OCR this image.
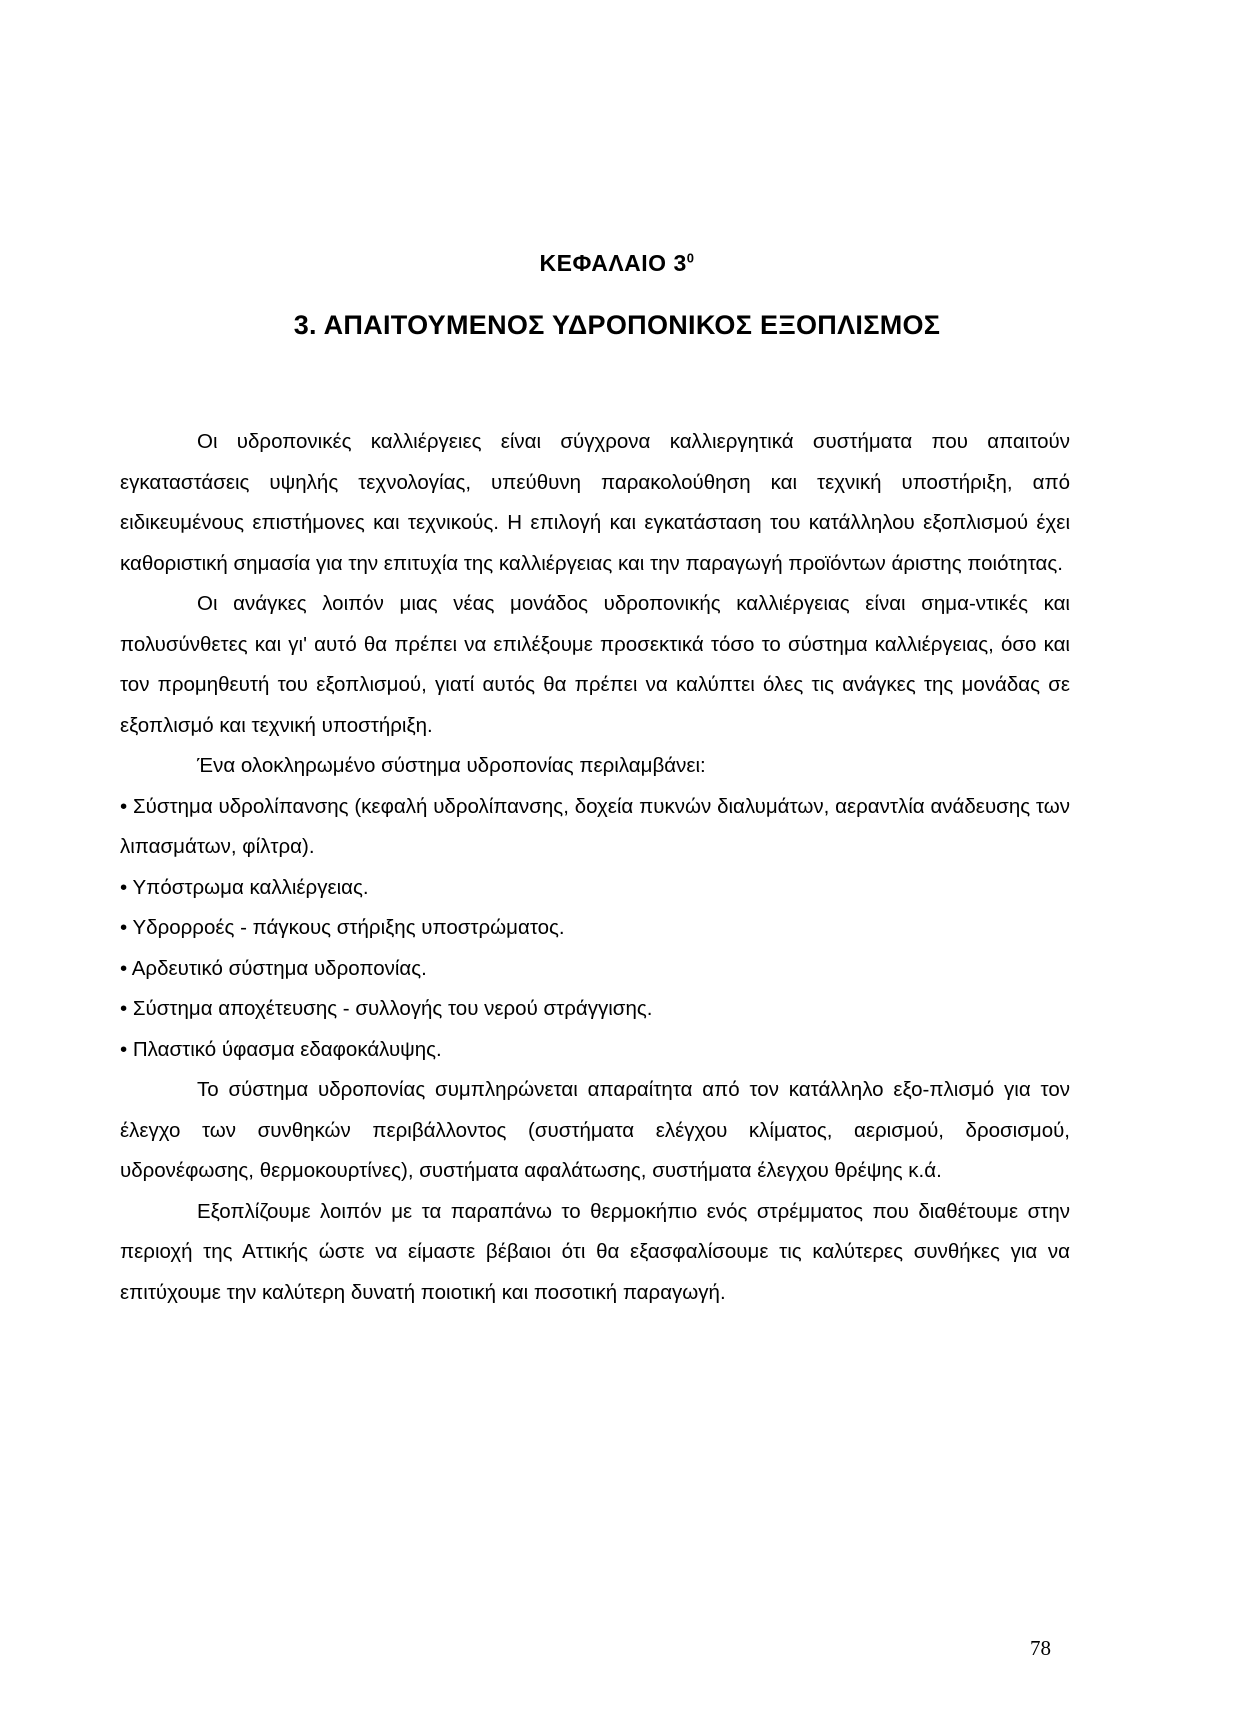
ΚΕΦΑΛΑΙΟ $3^0$
3. ΑΠΑΙΤΟΥΜΕΝΟΣ ΥΔΡΟΠΟΝΙΚΟΣ ΕΞΟΠΛΙΣΜΟΣ

Οι υδροπονικές καλλιέργειες είναι σύγχρονα καλλιεργητικά συστήματα που απαιτούν εγκαταστάσεις υψηλής τεχνολογίας, υπεύθυνη παρακολούθηση και τεχνική υποστήριξη, από ειδικευμένους επιστήμονες και τεχνικούς. Η επιλογή και εγκατάσταση του κατάλληλου εξοπλισμού έχει καθοριστική σημασία για την επιτυχία της καλλιέργειας και την παραγωγή προϊόντων άριστης ποιότητας.

Οι ανάγκες λοιπόν μιας νέας μονάδος υδροπονικής καλλιέργειας είναι σημα-ντικές και πολυσύνθετες και γι' αυτό θα πρέπει να επιλέξουμε προσεκτικά τόσο το σύστημα καλλιέργειας, όσο και τον προμηθευτή του εξοπλισμού, γιατί αυτός θα πρέπει να καλύπτει όλες τις ανάγκες της μονάδας σε εξοπλισμό και τεχνική υποστήριξη.

Ένα ολοκληρωμένο σύστημα υδροπονίας περιλαμβάνει:

• Σύστημα υδρολίπανσης (κεφαλή υδρολίπανσης, δοχεία πυκνών διαλυμάτων, αεραντλία ανάδευσης των λιπασμάτων, φίλτρα).

• Υπόστρωμα καλλιέργειας.

• Υδρορροές - πάγκους στήριξης υποστρώματος.

• Αρδευτικό σύστημα υδροπονίας.

• Σύστημα αποχέτευσης - συλλογής του νερού στράγγισης.

• Πλαστικό ύφασμα εδαφοκάλυψης.

Το σύστημα υδροπονίας συμπληρώνεται απαραίτητα από τον κατάλληλο εξο-πλισμό για τον έλεγχο των συνθηκών περιβάλλοντος (συστήματα ελέγχου κλίματος, αερισμού, δροσισμού, υδρονέφωσης, θερμοκουρτίνες), συστήματα αφαλάτωσης, συστήματα έλεγχου θρέψης κ.ά.

Εξοπλίζουμε λοιπόν με τα παραπάνω το θερμοκήπιο ενός στρέμματος που διαθέτουμε στην περιοχή της Αττικής ώστε να είμαστε βέβαιοι ότι θα εξασφαλίσουμε τις καλύτερες συνθήκες για να επιτύχουμε την καλύτερη δυνατή ποιοτική και ποσοτική παραγωγή.

78
